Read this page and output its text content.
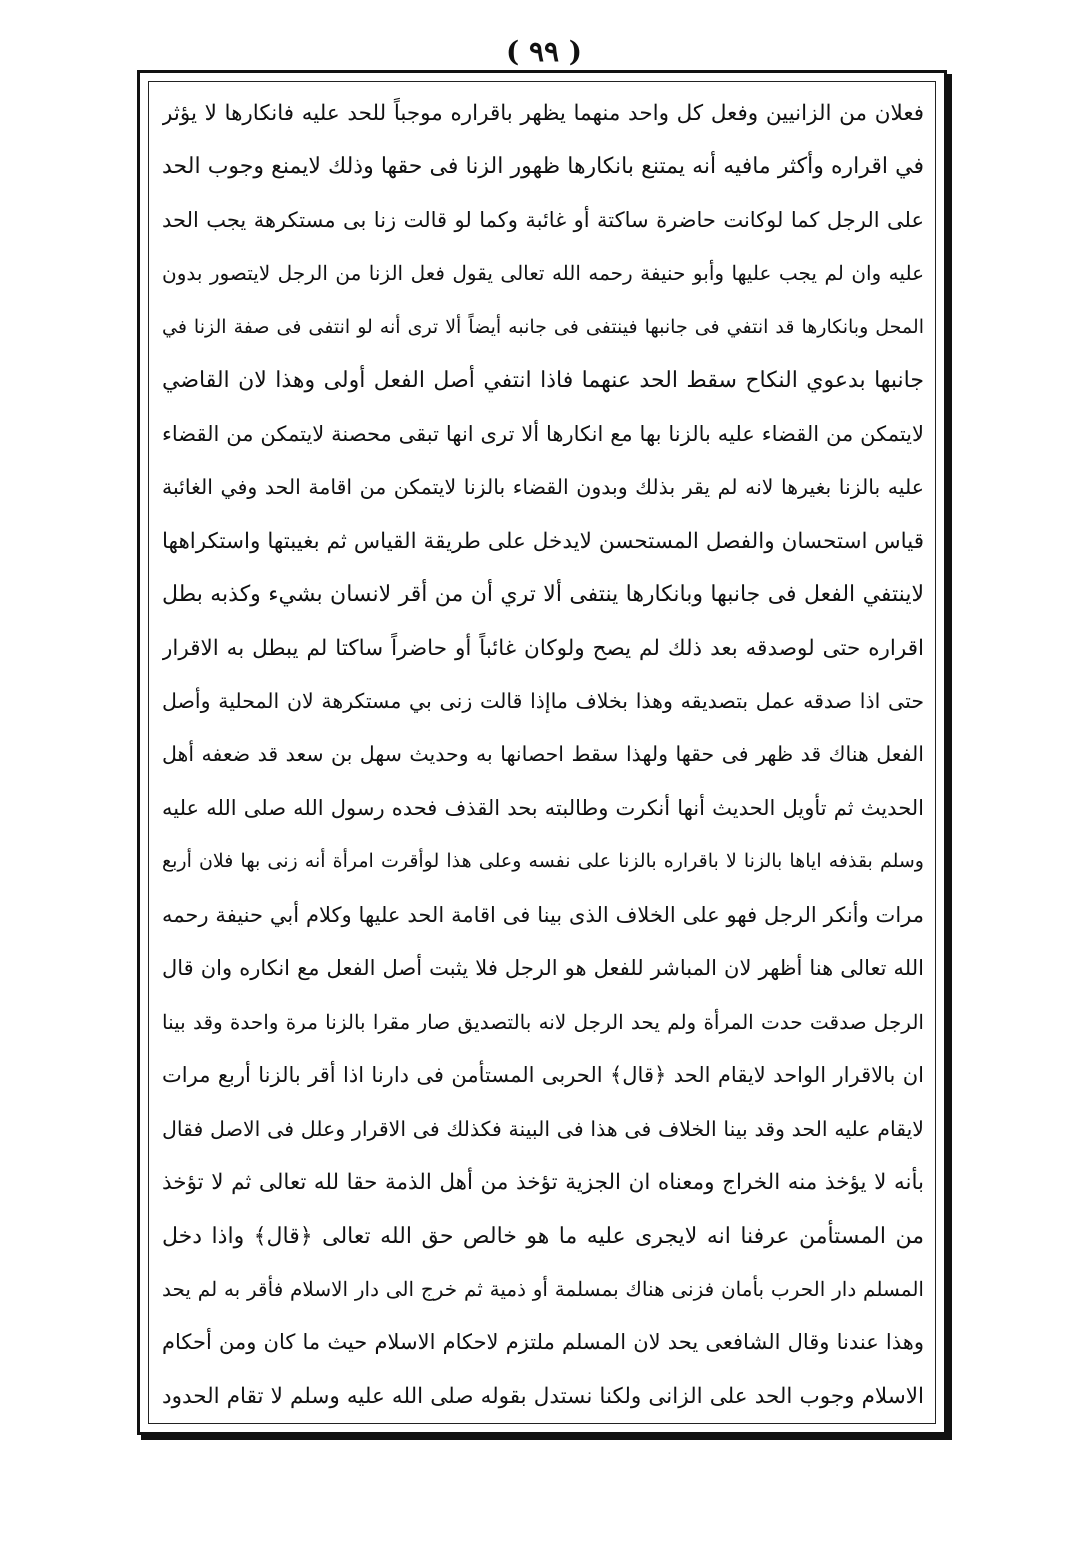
( ٩٩ )
فعلان من الزانيين وفعل كل واحد منهما يظهر باقراره موجباً للحد عليه فانكارها لا يؤثر
في اقراره وأكثر مافيه أنه يمتنع بانكارها ظهور الزنا فى حقها وذلك لايمنع وجوب الحد
على الرجل كما لوكانت حاضرة ساكتة أو غائبة وكما لو قالت زنا بى مستكرهة يجب الحد
عليه وان لم يجب عليها وأبو حنيفة رحمه الله تعالى يقول فعل الزنا من الرجل لايتصور بدون
المحل وبانكارها قد انتفي فى جانبها فينتفى فى جانبه أيضاً ألا ترى أنه لو انتفى فى صفة الزنا في
جانبها بدعوي النكاح سقط الحد عنهما فاذا انتفي أصل الفعل أولى وهذا لان القاضي
لايتمكن من القضاء عليه بالزنا بها مع انكارها ألا ترى انها تبقى محصنة لايتمكن من القضاء
عليه بالزنا بغيرها لانه لم يقر بذلك وبدون القضاء بالزنا لايتمكن من اقامة الحد وفي الغائبة
قياس استحسان والفصل المستحسن لايدخل على طريقة القياس ثم بغيبتها واستكراهها
لاينتفي الفعل فى جانبها وبانكارها ينتفى ألا تري أن من أقر لانسان بشيء وكذبه بطل
اقراره حتى لوصدقه بعد ذلك لم يصح ولوكان غائباً أو حاضراً ساكتا لم يبطل به الاقرار
حتى اذا صدقه عمل بتصديقه وهذا بخلاف ماإذا قالت زنى بي مستكرهة لان المحلية وأصل
الفعل هناك قد ظهر فى حقها ولهذا سقط احصانها به وحديث سهل بن سعد قد ضعفه أهل
الحديث ثم تأويل الحديث أنها أنكرت وطالبته بحد القذف فحده رسول الله صلى الله عليه
وسلم بقذفه اياها بالزنا لا باقراره بالزنا على نفسه وعلى هذا لوأقرت امرأة أنه زنى بها فلان أربع
مرات وأنكر الرجل فهو على الخلاف الذى بينا فى اقامة الحد عليها وكلام أبي حنيفة رحمه
الله تعالى هنا أظهر لان المباشر للفعل هو الرجل فلا يثبت أصل الفعل مع انكاره وان قال
الرجل صدقت حدت المرأة ولم يحد الرجل لانه بالتصديق صار مقرا بالزنا مرة واحدة وقد بينا
ان بالاقرار الواحد لايقام الحد ﴿قال﴾ الحربى المستأمن فى دارنا اذا أقر بالزنا أربع مرات
لايقام عليه الحد وقد بينا الخلاف فى هذا فى البينة فكذلك فى الاقرار وعلل فى الاصل فقال
بأنه لا يؤخذ منه الخراج ومعناه ان الجزية تؤخذ من أهل الذمة حقا لله تعالى ثم لا تؤخذ
من المستأمن عرفنا انه لايجرى عليه ما هو خالص حق الله تعالى ﴿قال﴾ واذا دخل
المسلم دار الحرب بأمان فزنى هناك بمسلمة أو ذمية ثم خرج الى دار الاسلام فأقر به لم يحد
وهذا عندنا وقال الشافعى يحد لان المسلم ملتزم لاحكام الاسلام حيث ما كان ومن أحكام
الاسلام وجوب الحد على الزانى ولكنا نستدل بقوله صلى الله عليه وسلم لا تقام الحدود
